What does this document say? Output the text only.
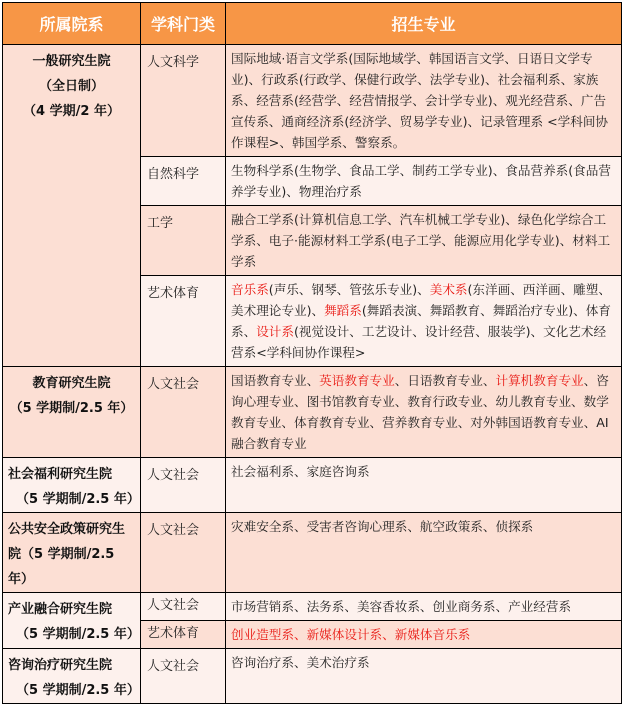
所属院系	学科门类	招生专业

一般研究生院
（全日制）
（4 学期/2 年）	人文科学	国际地域·语言文学系(国际地域学、韩国语言文学、日语日文学专业)、行政系(行政学、保健行政学、法学专业)、社会福利系、家族系、经营系(经营学、经营情报学、会计学专业)、观光经营系、广告宣传系、通商经济系(经济学、贸易学专业)、记录管理系 <学科间协作课程>、韩国学系、警察系。
	自然科学	生物科学系(生物学、食品工学、制药工学专业)、食品营养系(食品营养学专业)、物理治疗系
	工学	融合工学系(计算机信息工学、汽车机械工学专业)、绿色化学综合工学系、电子·能源材料工学系(电子工学、能源应用化学专业)、材料工学系
	艺术体育	音乐系(声乐、钢琴、管弦乐专业)、美术系(东洋画、西洋画、雕塑、美术理论专业)、舞蹈系(舞蹈表演、舞蹈教育、舞蹈治疗专业)、体育系、设计系(视觉设计、工艺设计、设计经营、服装学)、文化艺术经营系<学科间协作课程>

教育研究生院
（5 学期制/2.5 年）	人文社会	国语教育专业、英语教育专业、日语教育专业、计算机教育专业、咨询心理专业、图书馆教育专业、教育行政专业、幼儿教育专业、数学教育专业、体育教育专业、营养教育专业、对外韩国语教育专业、AI 融合教育专业

社会福利研究生院
（5 学期制/2.5 年）	人文社会	社会福利系、家庭咨询系

公共安全政策研究生院（5 学期制/2.5 年）	人文社会	灾难安全系、受害者咨询心理系、航空政策系、侦探系

产业融合研究生院
（5 学期制/2.5 年）	人文社会	市场营销系、法务系、美容香妆系、创业商务系、产业经营系
	艺术体育	创业造型系、新媒体设计系、新媒体音乐系

咨询治疗研究生院
（5 学期制/2.5 年）	人文社会	咨询治疗系、美术治疗系
